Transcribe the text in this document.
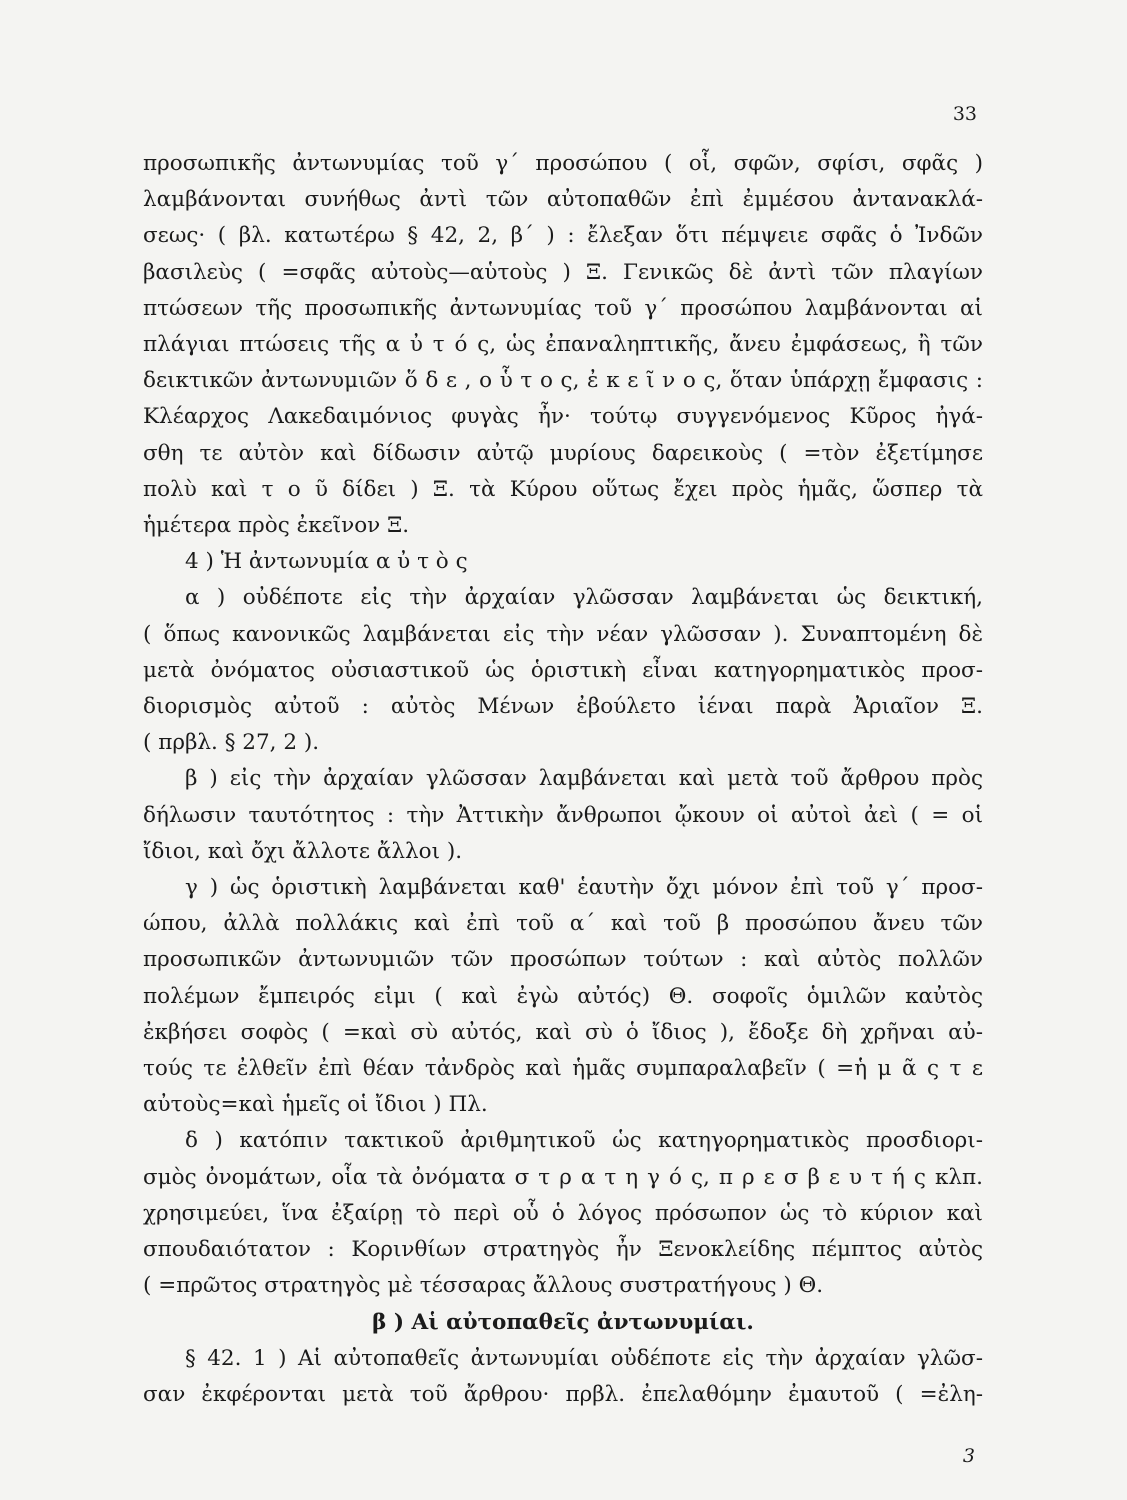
33
προσωπικῆς ἀντωνυμίας τοῦ γ΄ προσώπου ( οἷ, σφῶν, σφίσι, σφᾶς )
λαμβάνονται συνήθως ἀντὶ τῶν αὐτοπαθῶν ἐπὶ ἐμμέσου ἀντανακλά-
σεως· ( βλ. κατωτέρω § 42, 2, β΄ ) : ἔλεξαν ὅτι πέμψειε σφᾶς ὁ Ἰνδῶν
βασιλεὺς ( =σφᾶς αὐτοὺς—αὑτοὺς ) Ξ. Γενικῶς δὲ ἀντὶ τῶν πλαγίων
πτώσεων τῆς προσωπικῆς ἀντωνυμίας τοῦ γ΄ προσώπου λαμβάνονται αἱ
πλάγιαι πτώσεις τῆς α ὐ τ ό ς, ὡς ἐπαναληπτικῆς, ἄνευ ἐμφάσεως, ἢ τῶν
δεικτικῶν ἀντωνυμιῶν ὅ δ ε , ο ὗ τ ο ς, ἐ κ ε ῖ ν ο ς, ὅταν ὑπάρχῃ ἔμφασις :
Κλέαρχος Λακεδαιμόνιος φυγὰς ἦν· τούτῳ συγγενόμενος Κῦρος ἠγά-
σθη τε αὐτὸν καὶ δίδωσιν αὐτῷ μυρίους δαρεικοὺς ( =τὸν ἐξετίμησε
πολὺ καὶ τ ο ῦ δίδει ) Ξ. τὰ Κύρου οὕτως ἔχει πρὸς ἡμᾶς, ὥσπερ τὰ
ἡμέτερα πρὸς ἐκεῖνον Ξ.
4 ) Ἡ ἀντωνυμία α ὐ τ ὸ ς
α ) οὐδέποτε εἰς τὴν ἀρχαίαν γλῶσσαν λαμβάνεται ὡς δεικτική,
( ὅπως κανονικῶς λαμβάνεται εἰς τὴν νέαν γλῶσσαν ). Συναπτομένη δὲ
μετὰ ὀνόματος οὐσιαστικοῦ ὡς ὁριστικὴ εἶναι κατηγορηματικὸς προσ-
διορισμὸς αὐτοῦ : αὐτὸς Μένων ἐβούλετο ἰέναι παρὰ Ἀριαῖον Ξ.
( πρβλ. § 27, 2 ).
β ) εἰς τὴν ἀρχαίαν γλῶσσαν λαμβάνεται καὶ μετὰ τοῦ ἄρθρου πρὸς
δήλωσιν ταυτότητος : τὴν Ἀττικὴν ἄνθρωποι ᾤκουν οἱ αὐτοὶ ἀεὶ ( = οἱ
ἴδιοι, καὶ ὄχι ἄλλοτε ἄλλοι ).
γ ) ὡς ὁριστικὴ λαμβάνεται καθ' ἑαυτὴν ὄχι μόνον ἐπὶ τοῦ γ΄ προσ-
ώπου, ἀλλὰ πολλάκις καὶ ἐπὶ τοῦ α΄ καὶ τοῦ β προσώπου ἄνευ τῶν
προσωπικῶν ἀντωνυμιῶν τῶν προσώπων τούτων : καὶ αὐτὸς πολλῶν
πολέμων ἔμπειρός εἰμι ( καὶ ἐγὼ αὐτός) Θ. σοφοῖς ὁμιλῶν καὐτὸς
ἐκβήσει σοφὸς ( =καὶ σὺ αὐτός, καὶ σὺ ὁ ἴδιος ), ἔδοξε δὴ χρῆναι αὐ-
τούς τε ἐλθεῖν ἐπὶ θέαν τἀνδρὸς καὶ ἡμᾶς συμπαραλαβεῖν ( =ἡ μ ᾶ ς τ ε
αὐτοὺς=καὶ ἡμεῖς οἱ ἴδιοι ) Πλ.
δ ) κατόπιν τακτικοῦ ἀριθμητικοῦ ὡς κατηγορηματικὸς προσδιορι-
σμὸς ὀνομάτων, οἷα τὰ ὀνόματα σ τ ρ α τ η γ ό ς, π ρ ε σ β ε υ τ ή ς κλπ.
χρησιμεύει, ἵνα ἐξαίρῃ τὸ περὶ οὗ ὁ λόγος πρόσωπον ὡς τὸ κύριον καὶ
σπουδαιότατον : Κορινθίων στρατηγὸς ἦν Ξενοκλείδης πέμπτος αὐτὸς
( =πρῶτος στρατηγὸς μὲ τέσσαρας ἄλλους συστρατήγους ) Θ.
β ) Αἱ αὐτοπαθεῖς ἀντωνυμίαι.
§ 42. 1 ) Αἱ αὐτοπαθεῖς ἀντωνυμίαι οὐδέποτε εἰς τὴν ἀρχαίαν γλῶσ-
σαν ἐκφέρονται μετὰ τοῦ ἄρθρου· πρβλ. ἐπελαθόμην ἐμαυτοῦ ( =ἐλη-
3
